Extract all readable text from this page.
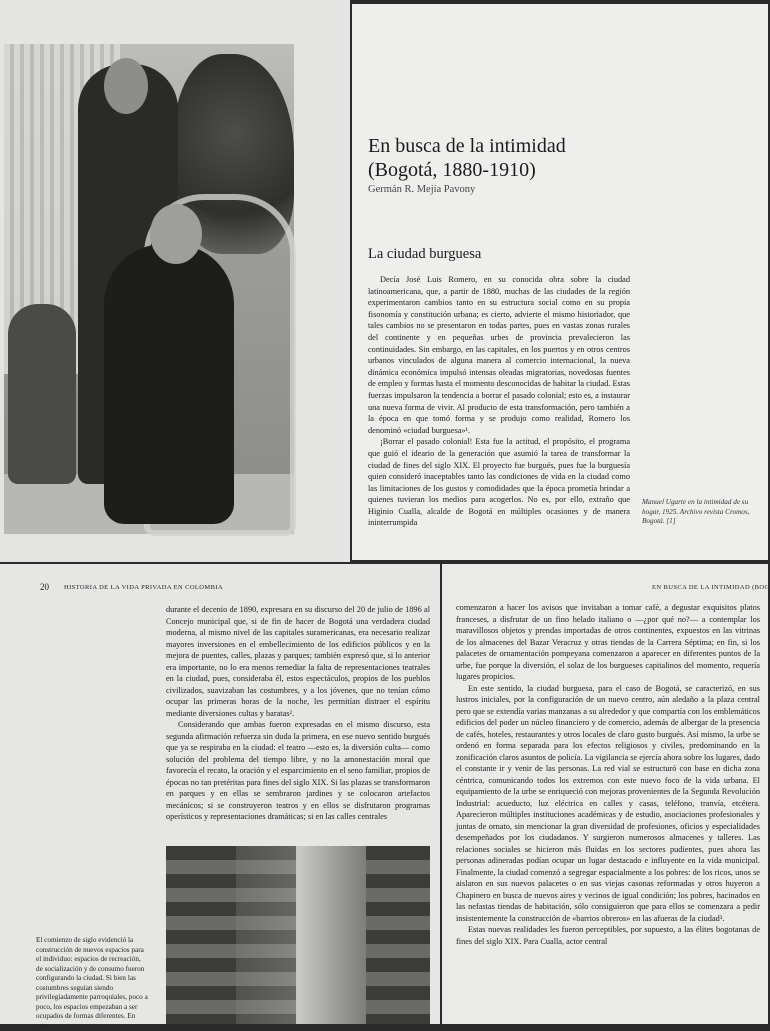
En busca de la intimidad
(Bogotá, 1880-1910)
Germán R. Mejía Pavony
La ciudad burguesa

Decía José Luis Romero, en su conocida obra sobre la ciudad latinoamericana, que, a partir de 1880, muchas de las ciudades de la región experimentaron cambios tanto en su estructura social como en su propia fisonomía y constitución urbana; es cierto, advierte el mismo historiador, que tales cambios no se presentaron en todas partes, pues en vastas zonas rurales del continente y en pequeñas urbes de provincia prevalecieron las continuidades. Sin embargo, en las capitales, en los puertos y en otros centros urbanos vinculados de alguna manera al comercio internacional, la nueva dinámica económica impulsó intensas oleadas migratorias, novedosas fuentes de empleo y formas hasta el momento desconocidas de habitar la ciudad. Estas fuerzas impulsaron la tendencia a borrar el pasado colonial; esto es, a instaurar una nueva forma de vivir. Al producto de esta transformación, pero también a la época en que tomó forma y se produjo como realidad, Romero los denominó «ciudad burguesa»¹.

¡Borrar el pasado colonial! Esta fue la actitud, el propósito, el programa que guió el ideario de la generación que asumió la tarea de transformar la ciudad de fines del siglo XIX. El proyecto fue burgués, pues fue la burguesía quien consideró inaceptables tanto las condiciones de vida en la ciudad como las limitaciones de los gustos y comodidades que la época prometía brindar a quienes tuvieran los medios para acogerlos. No es, por ello, extraño que Higinio Cualla, alcalde de Bogotá en múltiples ocasiones y de manera ininterrumpida

Manuel Ugarte en la intimidad de su hogar, 1925. Archivo revista Cromos, Bogotá. [1]
20 HISTORIA DE LA VIDA PRIVADA EN COLOMBIA

durante el decenio de 1890, expresara en su discurso del 20 de julio de 1896 al Concejo municipal que, si de fin de hacer de Bogotá una verdadera ciudad moderna, al mismo nivel de las capitales suramericanas, era necesario realizar mayores inversiones en el embellecimiento de los edificios públicos y en la mejora de puentes, calles, plazas y parques; también expresó que, si lo anterior era importante, no lo era menos remediar la falta de representaciones teatrales en la ciudad, pues, consideraba él, estos espectáculos, propios de los pueblos civilizados, suavizaban las costumbres, y a los jóvenes, que no tenían cómo ocupar las primeras horas de la noche, les permitían distraer el espíritu mediante diversiones cultas y baratas².

Considerando que ambas fueron expresadas en el mismo discurso, esta segunda afirmación refuerza sin duda la primera, en ese nuevo sentido burgués que ya se respiraba en la ciudad: el teatro —esto es, la diversión culta— como solución del problema del tiempo libre, y no la amonestación moral que favorecía el recato, la oración y el esparcimiento en el seno familiar, propios de épocas no tan pretéritas para fines del siglo XIX. Si las plazas se transformaron en parques y en ellas se sembraron jardines y se colocaron artefactos mecánicos; si se construyeron teatros y en ellos se disfrutaron programas operísticos y representaciones dramáticas; si en las calles centrales

El comienzo de siglo evidenció la construcción de nuevos espacios para el individuo: espacios de recreación, de socialización y de consumo fueron configurando la ciudad. Si bien las costumbres seguían siendo privilegiadamente parroquiales, poco a poco, los espacios empezaban a ser ocupados de formas diferentes. En este
EN BUSCA DE LA INTIMIDAD (BOG

comenzaron a hacer los avisos que invitaban a tomar café, a degustar exquisitos platos franceses, a disfrutar de un fino helado italiano o —¿por qué no?— a contemplar los maravillosos objetos y prendas importadas de otros continentes, expuestos en las vitrinas de los almacenes del Bazar Veracruz y otras tiendas de la Carrera Séptima; en fin, si los palacetes de ornamentación pompeyana comenzaron a aparecer en diferentes puntos de la urbe, fue porque la diversión, el solaz de los burgueses capitalinos del momento, requería lugares propicios.

En este sentido, la ciudad burguesa, para el caso de Bogotá, se caracterizó, en sus lustros iniciales, por la configuración de un nuevo centro, aún aledaño a la plaza central pero que se extendía varias manzanas a su alrededor y que compartía con los emblemáticos edificios del poder un núcleo financiero y de comercio, además de albergar de la presencia de cafés, hoteles, restaurantes y otros locales de claro gusto burgués. Así mismo, la urbe se ordenó en forma separada para los efectos religiosos y civiles, predominando en la zonificación claros asuntos de policía. La vigilancia se ejercía ahora sobre los lugares, dado el constante ir y venir de las personas. La red vial se estructuró con base en dicha zona céntrica, comunicando todos los extremos con este nuevo foco de la vida urbana. El equipamiento de la urbe se enriqueció con mejoras provenientes de la Segunda Revolución Industrial: acueducto, luz eléctrica en calles y casas, teléfono, tranvía, etcétera. Aparecieron múltiples instituciones académicas y de estudio, asociaciones profesionales y juntas de ornato, sin mencionar la gran diversidad de profesiones, oficios y especialidades desempeñados por los ciudadanos. Y surgieron numerosos almacenes y talleres. Las relaciones sociales se hicieron más fluidas en los sectores pudientes, pues ahora las personas adineradas podían ocupar un lugar destacado e influyente en la vida municipal. Finalmente, la ciudad comenzó a segregar espacialmente a los pobres: de los ricos, unos se aislaron en sus nuevos palacetes o en sus viejas casonas reformadas y otros huyeron a Chapinero en busca de nuevos aires y vecinos de igual condición; los pobres, hacinados en las nefastas tiendas de habitación, sólo consiguieron que para ellos se comenzara a pedir insistentemente la construcción de «barrios obreros» en las afueras de la ciudad³.

Estas nuevas realidades les fueron perceptibles, por supuesto, a las élites bogotanas de fines del siglo XIX. Para Cualla, actor central
